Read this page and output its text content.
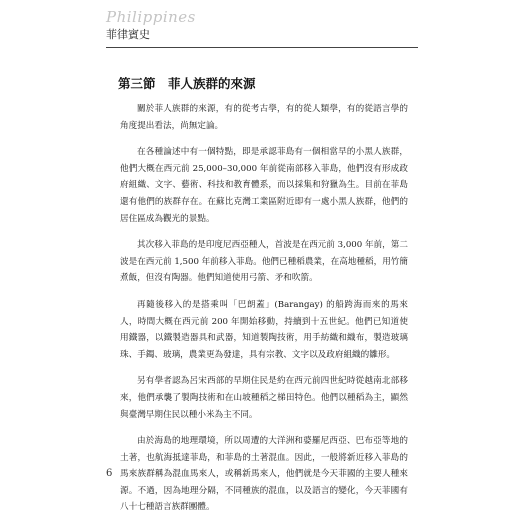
Philippines
菲律賓史
第三節　菲人族群的來源

關於菲人族群的來源，有的從考古學，有的從人類學，有的從語言學的角度提出看法，尚無定論。

在各種論述中有一個特點，即是承認菲島有一個相當早的小黑人族群，他們大概在西元前 25,000–30,000 年前從南部移入菲島，他們沒有形成政府組織、文字、藝術、科技和教育體系，而以採集和狩獵為生。目前在菲島還有他們的族群存在。在蘇比克灣工業區附近即有一處小黑人族群，他們的居住區成為觀光的景點。

其次移入菲島的是印度尼西亞種人，首波是在西元前 3,000 年前，第二波是在西元前 1,500 年前移入菲島。他們已種稻農業，在高地種稻，用竹簡煮飯，但沒有陶器。他們知道使用弓箭、矛和吹箭。

再隨後移入的是搭乘叫「巴朗蓋」(Barangay) 的船跨海而來的馬來人，時間大概在西元前 200 年開始移動，持續到十五世紀。他們已知道使用鐵器，以鐵製造器具和武器，知道製陶技術，用手紡織和織布，製造玻璃珠、手鐲、玻璃，農業更為發達，具有宗教、文字以及政府組織的雛形。

另有學者認為呂宋西部的早期住民是約在西元前四世紀時從越南北部移來，他們承襲了製陶技術和在山坡種稻之梯田特色。他們以種稻為主，顯然與臺灣早期住民以種小米為主不同。

由於海島的地理環境，所以周遭的大洋洲和婆羅尼西亞、巴布亞等地的土著，也航海抵達菲島，和菲島的土著混血。因此，一般將新近移入菲島的馬來族群稱為混血馬來人，或稱新馬來人，他們就是今天菲國的主要人種來源。不過，因為地理分隔，不同種族的混血，以及語言的變化，今天菲國有八十七種語言族群團體。

6
